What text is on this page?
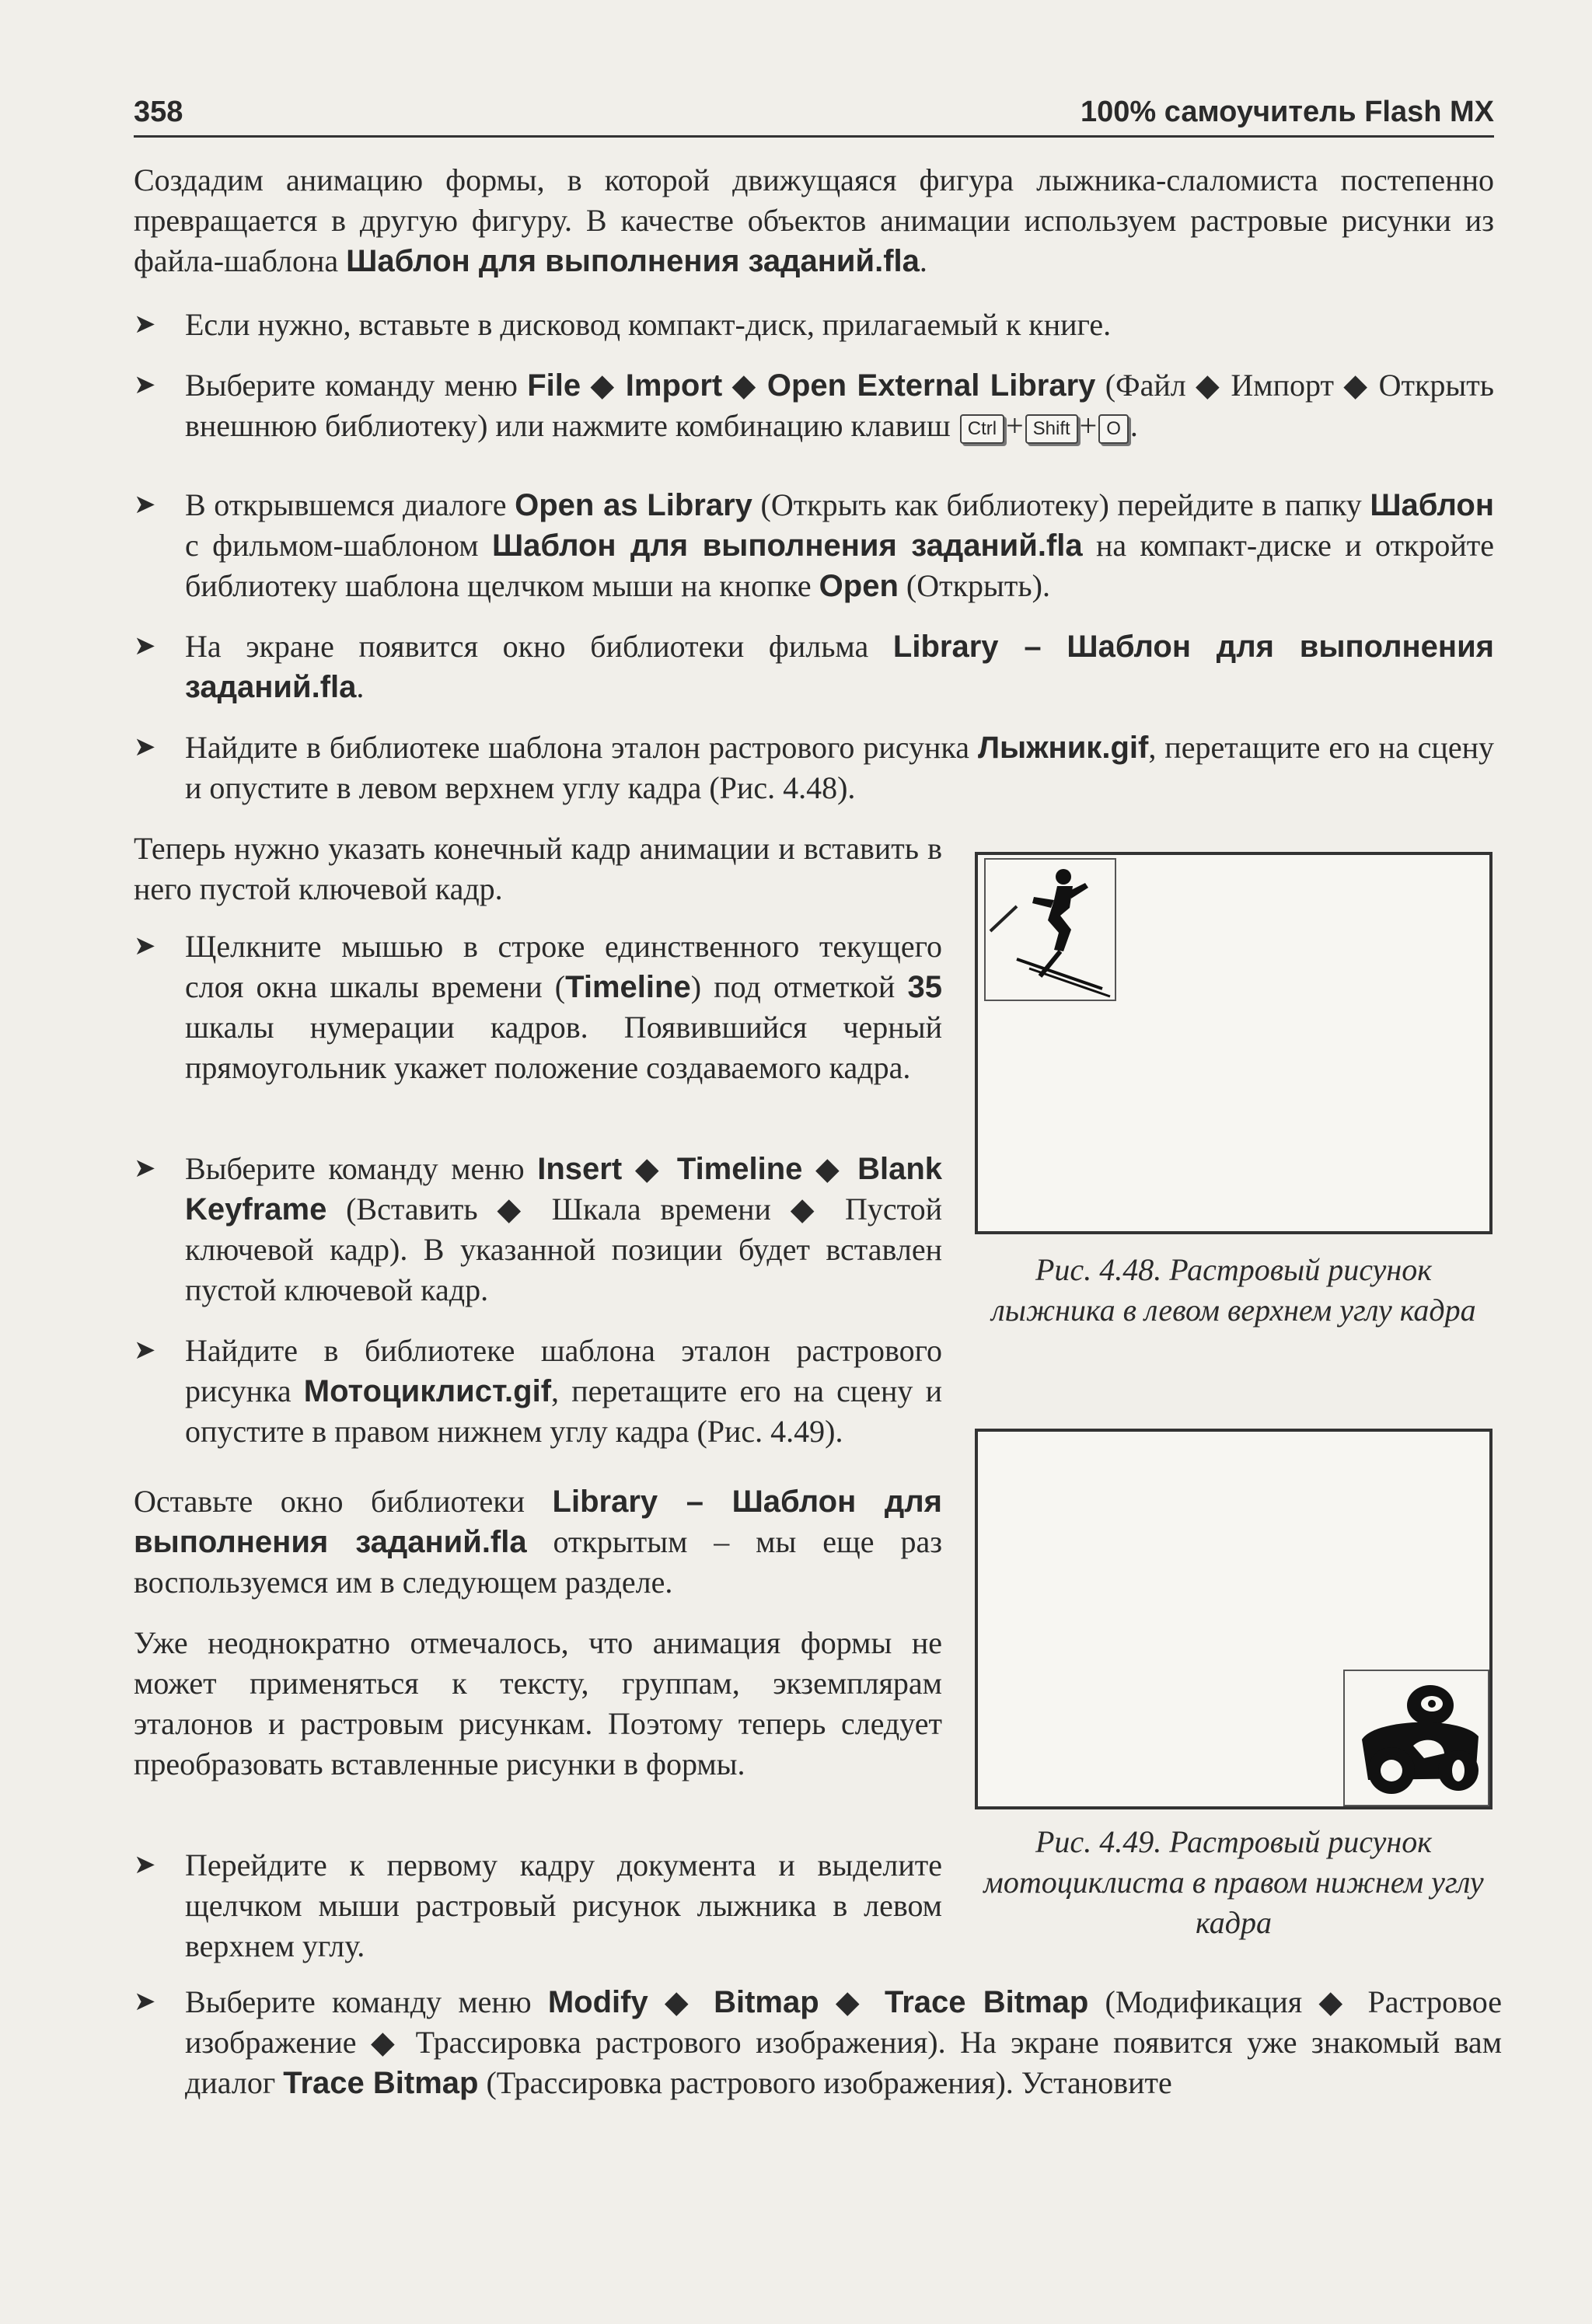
358	100% самоучитель Flash MX
Создадим анимацию формы, в которой движущаяся фигура лыжника-слаломиста постепенно превращается в другую фигуру. В качестве объектов анимации используем растровые рисунки из файла-шаблона Шаблон для выполнения заданий.fla.
➤ Если нужно, вставьте в дисковод компакт-диск, прилагаемый к книге.
➤ Выберите команду меню File ◆ Import ◆ Open External Library (Файл ◆ Импорт ◆ Открыть внешнюю библиотеку) или нажмите комбинацию клавиш Ctrl + Shift + O .
➤ В открывшемся диалоге Open as Library (Открыть как библиотеку) перейдите в папку Шаблон с фильмом-шаблоном Шаблон для выполнения заданий.fla на компакт-диске и откройте библиотеку шаблона щелчком мыши на кнопке Open (Открыть).
➤ На экране появится окно библиотеки фильма Library – Шаблон для выполнения заданий.fla.
➤ Найдите в библиотеке шаблона эталон растрового рисунка Лыжник.gif, перетащите его на сцену и опустите в левом верхнем углу кадра (Рис. 4.48).
Теперь нужно указать конечный кадр анимации и вставить в него пустой ключевой кадр.
➤ Щелкните мышью в строке единственного текущего слоя окна шкалы времени (Timeline) под отметкой 35 шкалы нумерации кадров. Появившийся черный прямоугольник укажет положение создаваемого кадра.
➤ Выберите команду меню Insert ◆ Timeline ◆ Blank Keyframe (Вставить ◆ Шкала времени ◆ Пустой ключевой кадр). В указанной позиции будет вставлен пустой ключевой кадр.
➤ Найдите в библиотеке шаблона эталон растрового рисунка Мотоциклист.gif, перетащите его на сцену и опустите в правом нижнем углу кадра (Рис. 4.49).
Оставьте окно библиотеки Library – Шаблон для выполнения заданий.fla открытым – мы еще раз воспользуемся им в следующем разделе.
Уже неоднократно отмечалось, что анимация формы не может применяться к тексту, группам, экземплярам эталонов и растровым рисункам. Поэтому теперь следует преобразовать вставленные рисунки в формы.
➤ Перейдите к первому кадру документа и выделите щелчком мыши растровый рисунок лыжника в левом верхнем углу.
Рис. 4.48. Растровый рисунок лыжника в левом верхнем углу кадра
Рис. 4.49. Растровый рисунок мотоциклиста в правом нижнем углу кадра
➤ Выберите команду меню Modify ◆ Bitmap ◆ Trace Bitmap (Модификация ◆ Растровое изображение ◆ Трассировка растрового изображения). На экране появится уже знакомый вам диалог Trace Bitmap (Трассировка растрового изображения). Установите
